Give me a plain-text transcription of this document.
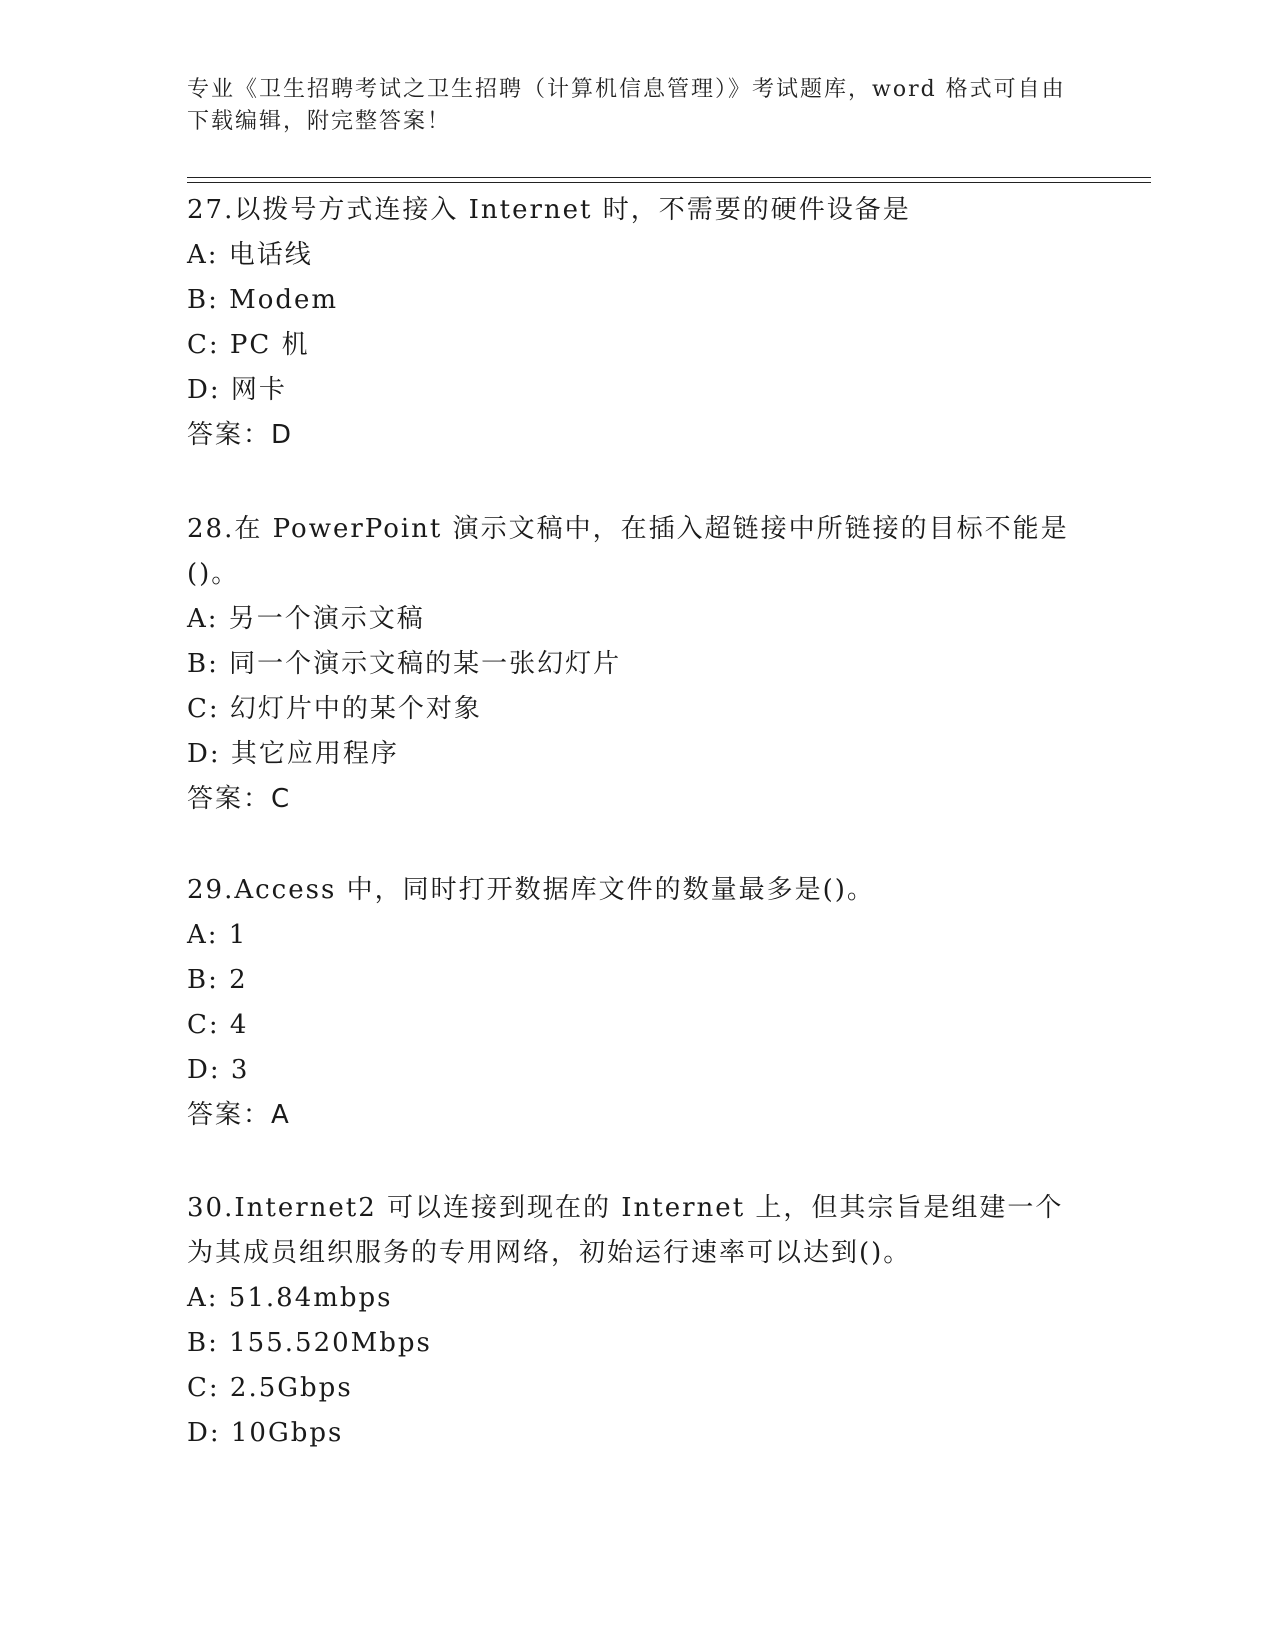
专业《卫生招聘考试之卫生招聘（计算机信息管理）》考试题库，word 格式可自由下载编辑，附完整答案！

27.以拨号方式连接入 Internet 时，不需要的硬件设备是

A: 电话线

B: Modem

C: PC 机

D: 网卡

答案：D

28.在 PowerPoint 演示文稿中，在插入超链接中所链接的目标不能是()。

A: 另一个演示文稿

B: 同一个演示文稿的某一张幻灯片

C: 幻灯片中的某个对象

D: 其它应用程序

答案：C

29.Access 中，同时打开数据库文件的数量最多是()。

A: 1

B: 2

C: 4

D: 3

答案：A

30.Internet2 可以连接到现在的 Internet 上，但其宗旨是组建一个为其成员组织服务的专用网络，初始运行速率可以达到()。

A: 51.84mbps

B: 155.520Mbps

C: 2.5Gbps

D: 10Gbps
